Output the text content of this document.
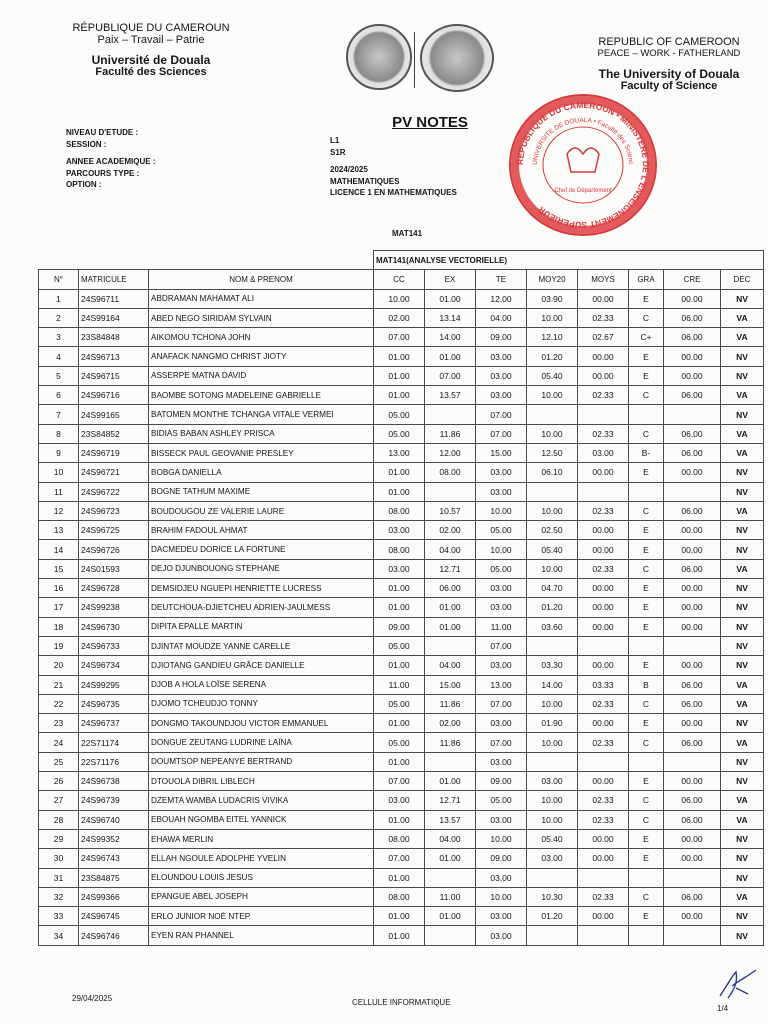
RÉPUBLIQUE DU CAMEROUN
Paix – Travail – Patrie
Université de Douala
Faculté des Sciences
REPUBLIC OF CAMEROON
PEACE – WORK - FATHERLAND
The University of Douala
Faculty of Science
PV NOTES
NIVEAU D'ETUDE :
SESSION :
ANNEE ACADEMIQUE :
PARCOURS TYPE :
OPTION :
L1
S1R
2024/2025
MATHEMATIQUES
LICENCE 1 EN MATHEMATIQUES
REPUBLIQUE DU CAMEROUN • MINISTERE DE L'ENSEIGNEMENT SUPERIEUR
UNIVERSITE DE DOUALA • Faculté des Scienc
Chef de Département
MAT141
			MAT141(ANALYSE VECTORIELLE)							
N°	MATRICULE	NOM & PRENOM	CC	EX	TE	MOY20	MOYS	GRA	CRE	DEC
1	24S96711	ABDRAMAN MAHAMAT ALI	10.00	01.00	12.00	03.90	00.00	E	00.00	NV
2	24S99164	ABED NEGO SIRIDAM SYLVAIN	02.00	13.14	04.00	10.00	02.33	C	06.00	VA
3	23S84848	AIKOMOU TCHONA JOHN	07.00	14.00	09.00	12.10	02.67	C+	06.00	VA
4	24S96713	ANAFACK NANGMO CHRIST JIOTY	01.00	01.00	03.00	01.20	00.00	E	00.00	NV
5	24S96715	ASSERPE MATNA DAVID	01.00	07.00	03.00	05.40	00.00	E	00.00	NV
6	24S96716	BAOMBE SOTONG MADELEINE GABRIELLE	01.00	13.57	03.00	10.00	02.33	C	06.00	VA
7	24S99165	BATOMEN MONTHE TCHANGA VITALE VERMEI	05.00		07.00					NV
8	23S84852	BIDIAS BABAN ASHLEY PRISCA	05.00	11.86	07.00	10.00	02.33	C	06.00	VA
9	24S96719	BISSECK PAUL GEOVANIE PRESLEY	13.00	12.00	15.00	12.50	03.00	B-	06.00	VA
10	24S96721	BOBGA DANIELLA	01.00	08.00	03.00	06.10	00.00	E	00.00	NV
11	24S96722	BOGNE TATHUM MAXIME	01.00		03.00					NV
12	24S96723	BOUDOUGOU ZE VALERIE LAURE	08.00	10.57	10.00	10.00	02.33	C	06.00	VA
13	24S96725	BRAHIM FADOUL AHMAT	03.00	02.00	05.00	02.50	00.00	E	00.00	NV
14	24S96726	DACMEDEU DORICE LA FORTUNE	08.00	04.00	10.00	05.40	00.00	E	00.00	NV
15	24S01593	DEJO DJUNBOUONG STEPHANE	03.00	12.71	05.00	10.00	02.33	C	06.00	VA
16	24S96728	DEMSIDJEU NGUEPI HENRIETTE LUCRESS	01.00	06.00	03.00	04.70	00.00	E	00.00	NV
17	24S99238	DEUTCHOUA-DJIETCHEU ADRIEN-JAULMESS	01.00	01.00	03.00	01.20	00.00	E	00.00	NV
18	24S96730	DIPITA EPALLE MARTIN	09.00	01.00	11.00	03.60	00.00	E	00.00	NV
19	24S96733	DJINTAT MOUDZE YANNE CARELLE	05.00		07.00					NV
20	24S96734	DJIOTANG GANDIEU GRÂCE DANIELLE	01.00	04.00	03.00	03.30	00.00	E	00.00	NV
21	24S99295	DJOB A HOLA LOÏSE SERENA	11.00	15.00	13.00	14.00	03.33	B	06.00	VA
22	24S96735	DJOMO TCHEUDJO TONNY	05.00	11.86	07.00	10.00	02.33	C	06.00	VA
23	24S96737	DONGMO TAKOUNDJOU VICTOR EMMANUEL	01.00	02.00	03.00	01.90	00.00	E	00.00	NV
24	22S71174	DONGUE ZEUTANG LUDRINE LAÏNA	05.00	11.86	07.00	10.00	02.33	C	06.00	VA
25	22S71176	DOUMTSOP NEPEANYE BERTRAND	01.00		03.00					NV
26	24S96738	DTOUOLA DIBRIL LIBLECH	07.00	01.00	09.00	03.00	00.00	E	00.00	NV
27	24S96739	DZEMTA WAMBA LUDACRIS VIVIKA	03.00	12.71	05.00	10.00	02.33	C	06.00	VA
28	24S96740	EBOUAH NGOMBA EITEL YANNICK	01.00	13.57	03.00	10.00	02.33	C	06.00	VA
29	24S99352	EHAWA MERLIN	08.00	04.00	10.00	05.40	00.00	E	00.00	NV
30	24S96743	ELLAH NGOULE ADOLPHE YVELIN	07.00	01.00	09.00	03.00	00.00	E	00.00	NV
31	23S84875	ELOUNDOU LOUIS JESUS	01.00		03.00					NV
32	24S99366	EPANGUE ABEL JOSEPH	08.00	11.00	10.00	10.30	02.33	C	06.00	VA
33	24S96745	ERLO JUNIOR NOÉ NTEP	01.00	01.00	03.00	01.20	00.00	E	00.00	NV
34	24S96746	EYEN RAN PHANNEL	01.00		03.00					NV
29/04/2025	CELLULE INFORMATIQUE
1/4
